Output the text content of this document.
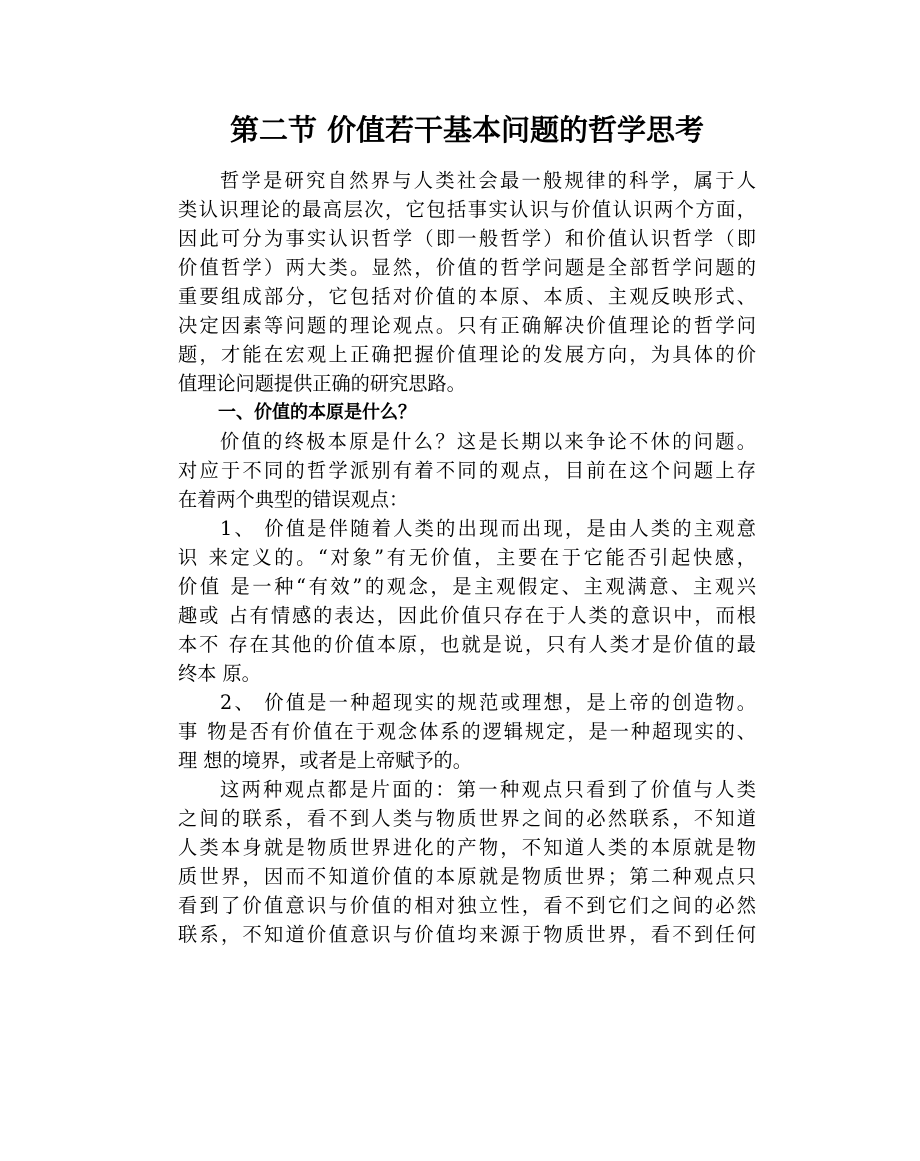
第二节 价值若干基本问题的哲学思考
哲学是研究自然界与人类社会最一般规律的科学，属于人
类认识理论的最高层次，它包括事实认识与价值认识两个方面，
因此可分为事实认识哲学（即一般哲学）和价值认识哲学（即
价值哲学）两大类。显然，价值的哲学问题是全部哲学问题的
重要组成部分，它包括对价值的本原、本质、主观反映形式、
决定因素等问题的理论观点。只有正确解决价值理论的哲学问
题，才能在宏观上正确把握价值理论的发展方向，为具体的价
值理论问题提供正确的研究思路。
一、价值的本原是什么？
价值的终极本原是什么？这是长期以来争论不休的问题。
对应于不同的哲学派别有着不同的观点，目前在这个问题上存
在着两个典型的错误观点：
1、 价值是伴随着人类的出现而出现，是由人类的主观意
识 来定义的。“对象”有无价值，主要在于它能否引起快感，
价值 是一种“有效”的观念，是主观假定、主观满意、主观兴
趣或 占有情感的表达，因此价值只存在于人类的意识中，而根
本不 存在其他的价值本原，也就是说，只有人类才是价值的最
终本 原。
2、 价值是一种超现实的规范或理想，是上帝的创造物。
事 物是否有价值在于观念体系的逻辑规定，是一种超现实的、
理 想的境界，或者是上帝赋予的。
这两种观点都是片面的：第一种观点只看到了价值与人类
之间的联系，看不到人类与物质世界之间的必然联系，不知道
人类本身就是物质世界进化的产物，不知道人类的本原就是物
质世界，因而不知道价值的本原就是物质世界；第二种观点只
看到了价值意识与价值的相对独立性，看不到它们之间的必然
联系，不知道价值意识与价值均来源于物质世界，看不到任何
